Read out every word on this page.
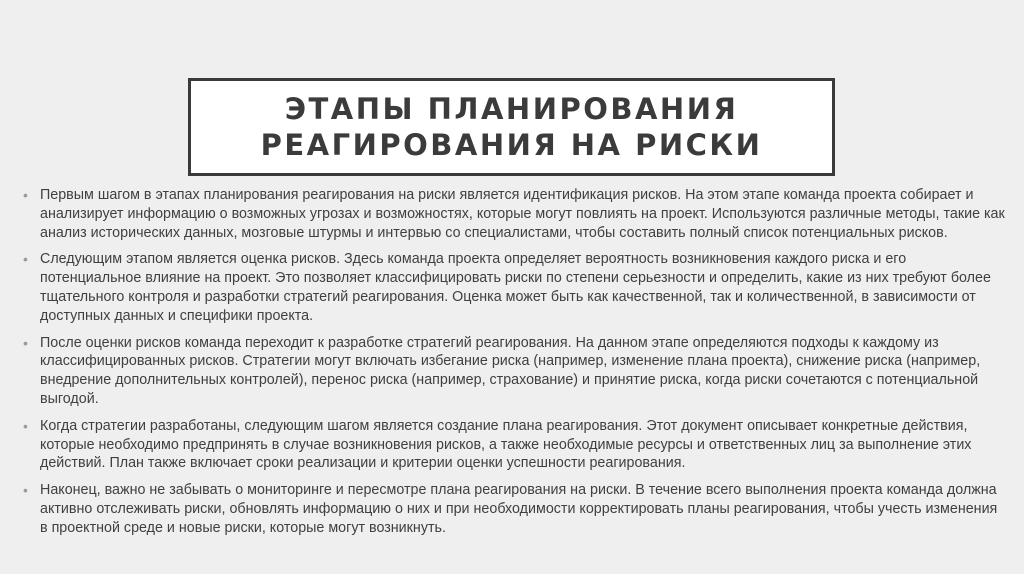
ЭТАПЫ ПЛАНИРОВАНИЯ
РЕАГИРОВАНИЯ НА РИСКИ
• Первым шагом в этапах планирования реагирования на риски является идентификация рисков. На этом этапе команда проекта собирает и анализирует информацию о возможных угрозах и возможностях, которые могут повлиять на проект. Используются различные методы, такие как анализ исторических данных, мозговые штурмы и интервью со специалистами, чтобы составить полный список потенциальных рисков.
• Следующим этапом является оценка рисков. Здесь команда проекта определяет вероятность возникновения каждого риска и его потенциальное влияние на проект. Это позволяет классифицировать риски по степени серьезности и определить, какие из них требуют более тщательного контроля и разработки стратегий реагирования. Оценка может быть как качественной, так и количественной, в зависимости от доступных данных и специфики проекта.
• После оценки рисков команда переходит к разработке стратегий реагирования. На данном этапе определяются подходы к каждому из классифицированных рисков. Стратегии могут включать избегание риска (например, изменение плана проекта), снижение риска (например, внедрение дополнительных контролей), перенос риска (например, страхование) и принятие риска, когда риски сочетаются с потенциальной выгодой.
• Когда стратегии разработаны, следующим шагом является создание плана реагирования. Этот документ описывает конкретные действия, которые необходимо предпринять в случае возникновения рисков, а также необходимые ресурсы и ответственных лиц за выполнение этих действий. План также включает сроки реализации и критерии оценки успешности реагирования.
• Наконец, важно не забывать о мониторинге и пересмотре плана реагирования на риски. В течение всего выполнения проекта команда должна активно отслеживать риски, обновлять информацию о них и при необходимости корректировать планы реагирования, чтобы учесть изменения в проектной среде и новые риски, которые могут возникнуть.
